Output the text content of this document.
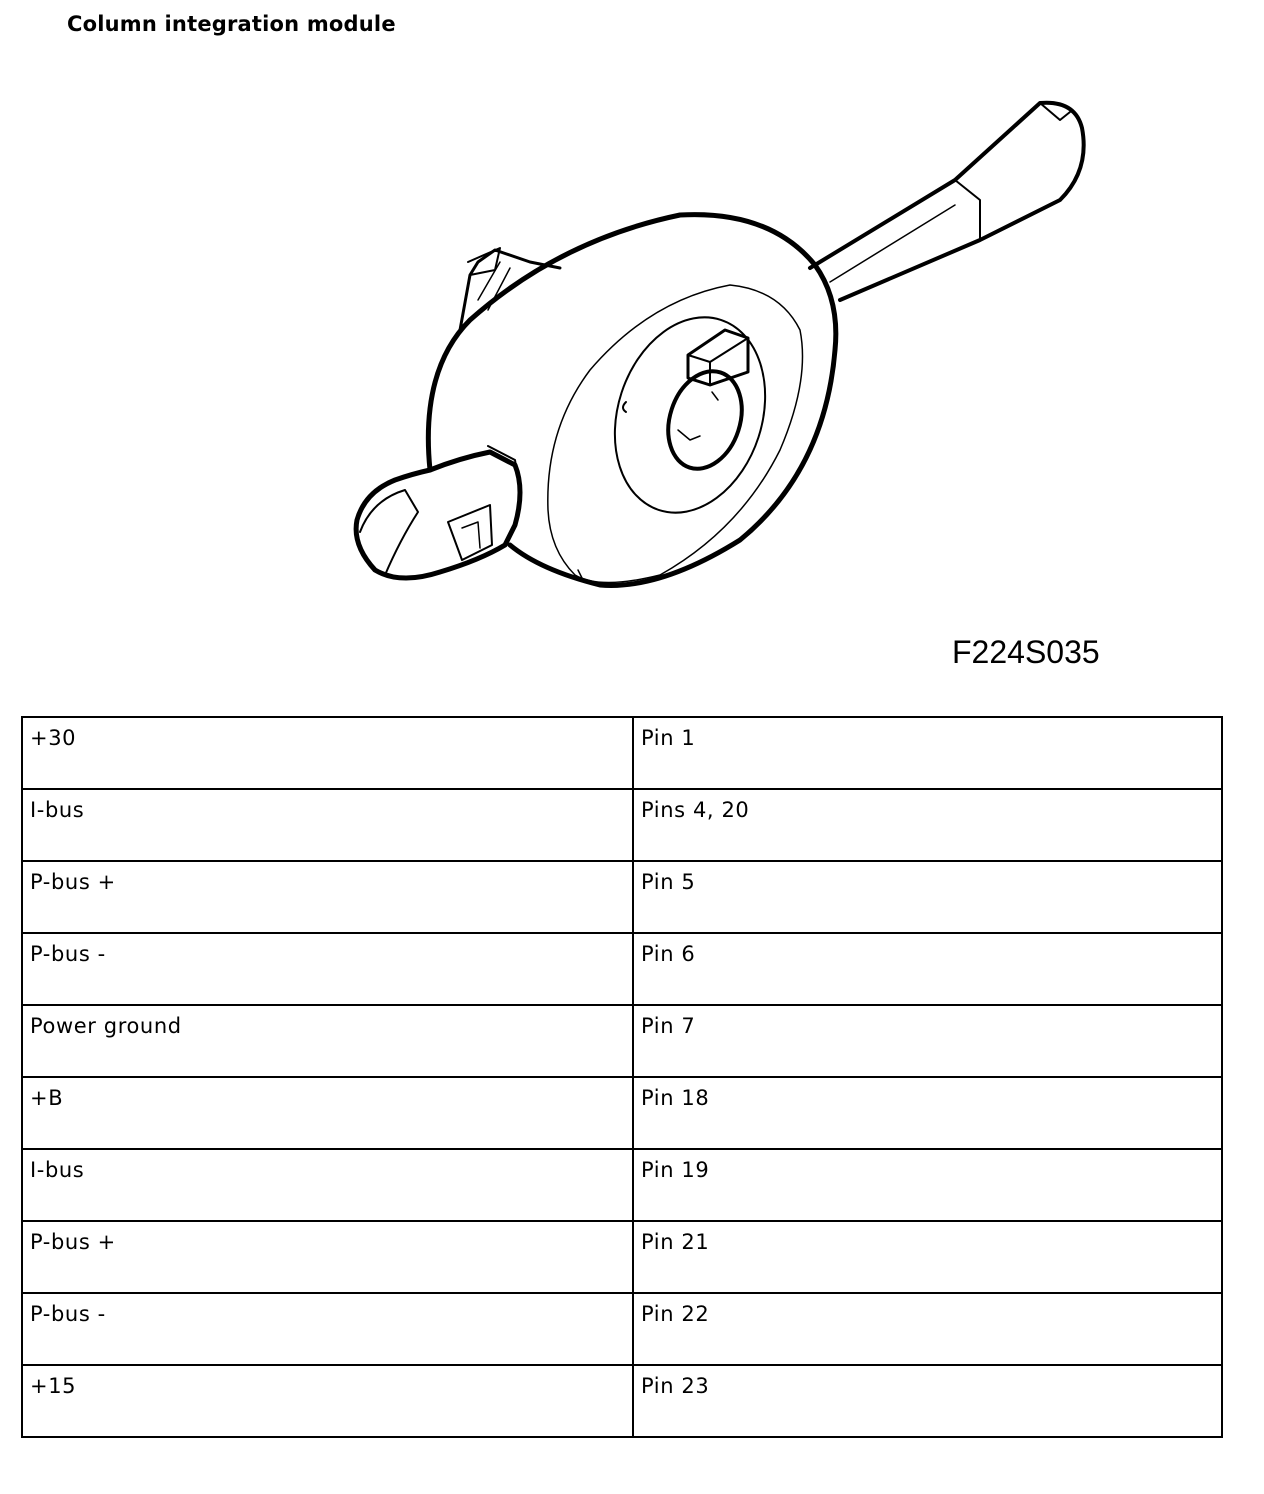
Column integration module
F224S035
+30	Pin 1
I-bus	Pins 4, 20
P-bus +	Pin 5
P-bus -	Pin 6
Power ground	Pin 7
+B	Pin 18
I-bus	Pin 19
P-bus +	Pin 21
P-bus -	Pin 22
+15	Pin 23
